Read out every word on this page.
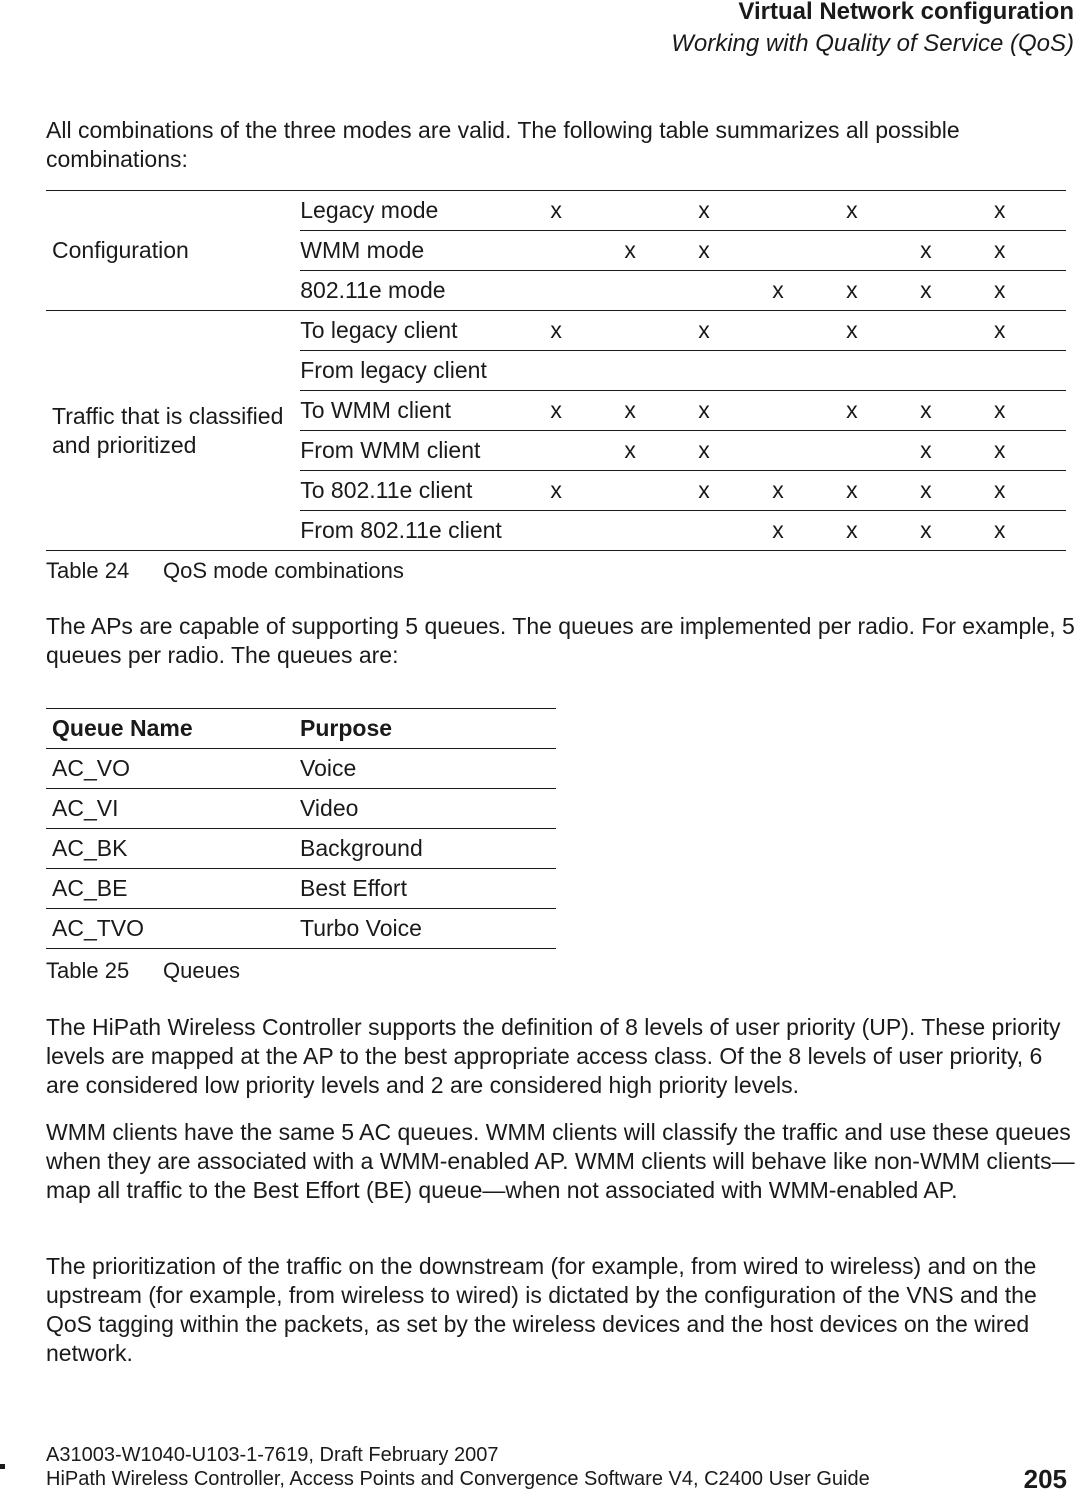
Virtual Network configuration
Working with Quality of Service (QoS)

All combinations of the three modes are valid. The following table summarizes all possible combinations:

Configuration	Legacy mode	x		x		x		x
	WMM mode		x	x			x	x
	802.11e mode				x	x	x	x
Traffic that is classified and prioritized	To legacy client	x		x		x		x
	From legacy client							
	To WMM client	x	x	x		x	x	x
	From WMM client		x	x			x	x
	To 802.11e client	x		x	x	x	x	x
	From 802.11e client				x	x	x	x
Table 24 QoS mode combinations

The APs are capable of supporting 5 queues. The queues are implemented per radio. For example, 5 queues per radio. The queues are:

Queue Name	Purpose
AC_VO	Voice
AC_VI	Video
AC_BK	Background
AC_BE	Best Effort
AC_TVO	Turbo Voice
Table 25 Queues

The HiPath Wireless Controller supports the definition of 8 levels of user priority (UP). These priority levels are mapped at the AP to the best appropriate access class. Of the 8 levels of user priority, 6 are considered low priority levels and 2 are considered high priority levels.

WMM clients have the same 5 AC queues. WMM clients will classify the traffic and use these queues when they are associated with a WMM-enabled AP. WMM clients will behave like non-WMM clients—map all traffic to the Best Effort (BE) queue—when not associated with WMM-enabled AP.

The prioritization of the traffic on the downstream (for example, from wired to wireless) and on the upstream (for example, from wireless to wired) is dictated by the configuration of the VNS and the QoS tagging within the packets, as set by the wireless devices and the host devices on the wired network.

A31003-W1040-U103-1-7619, Draft February 2007
HiPath Wireless Controller, Access Points and Convergence Software V4, C2400 User Guide	205
